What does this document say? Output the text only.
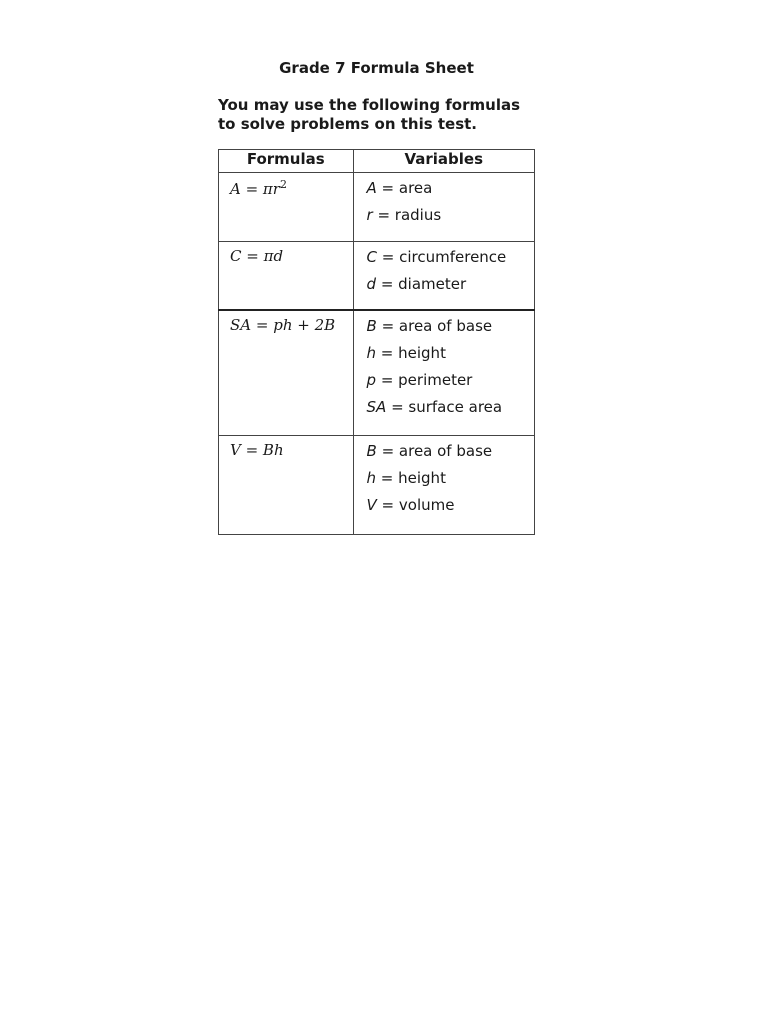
Grade 7 Formula Sheet
You may use the following formulas
to solve problems on this test.
Formulas	Variables
$A = \pi r^2$	A = area
r = radius

C = πd	C = circumference
d = diameter

SA = ph + 2B	B = area of base
h = height
p = perimeter
SA = surface area

V = Bh	B = area of base
h = height
V = volume
